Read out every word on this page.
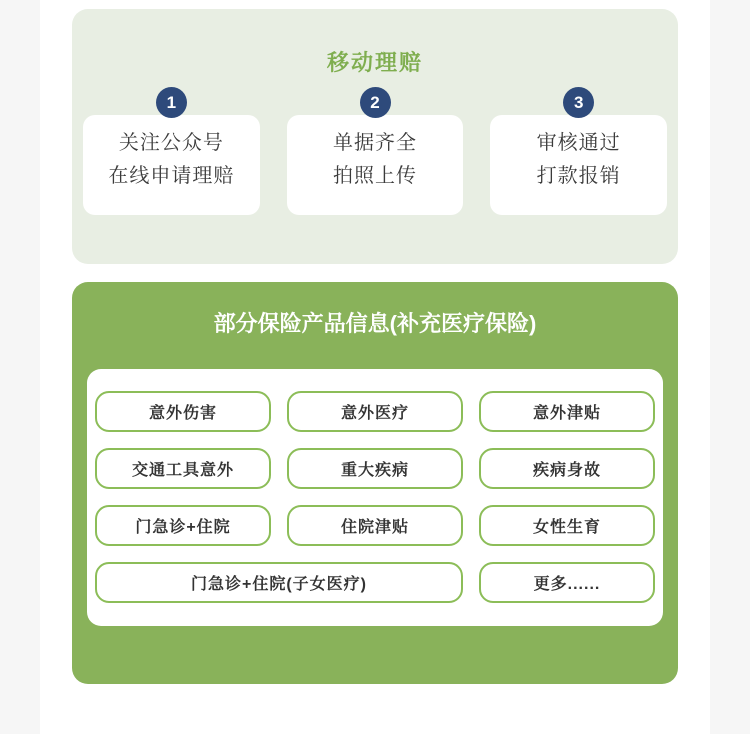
移动理赔
1
关注公众号
在线申请理赔
2
单据齐全
拍照上传
3
审核通过
打款报销
部分保险产品信息(补充医疗保险)
意外伤害	意外医疗	意外津贴
交通工具意外	重大疾病	疾病身故
门急诊+住院	住院津贴	女性生育
门急诊+住院(子女医疗)	更多......
